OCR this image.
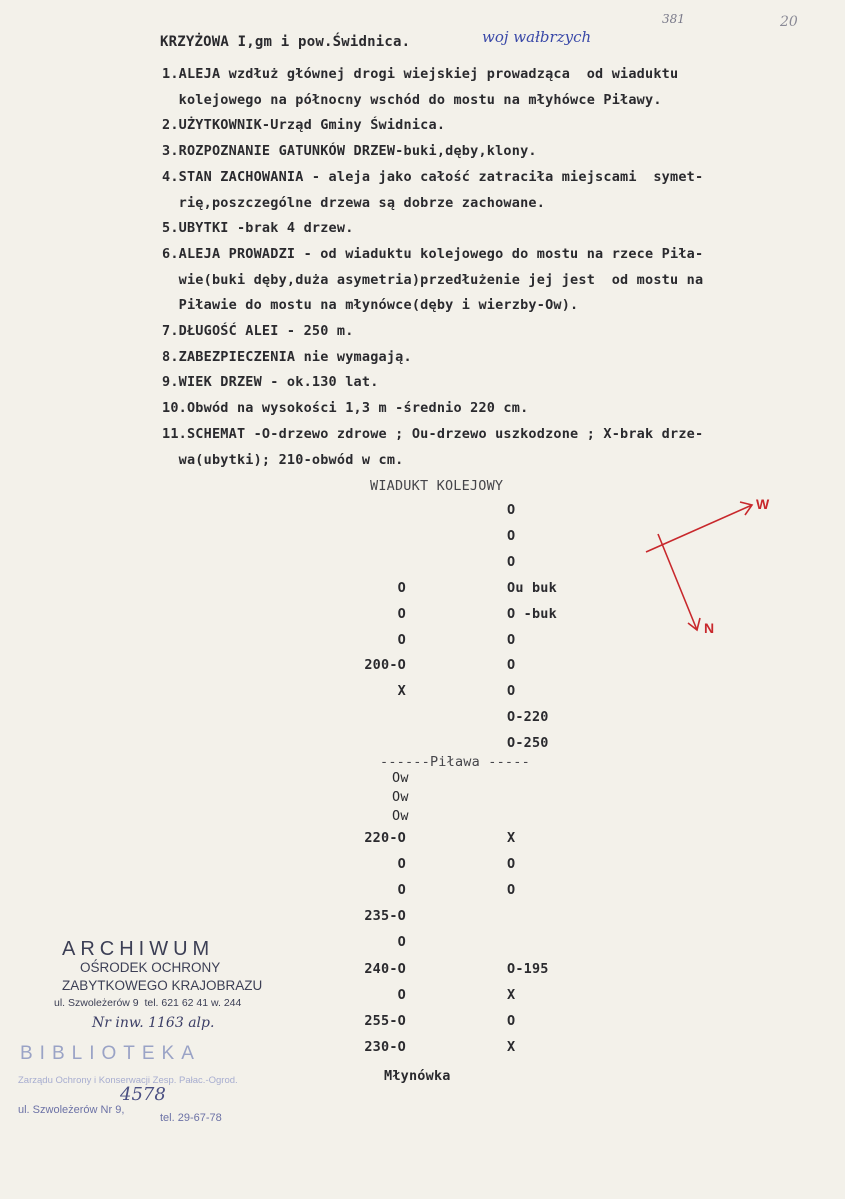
381	20
KRZYŻOWA I,gm i pow.Świdnica.	woj wałbrzych
1.ALEJA wzdłuż głównej drogi wiejskiej prowadząca  od wiaduktu
kolejowego na północny wschód do mostu na młyhówce Piławy.
2.UŻYTKOWNIK-Urząd Gminy Świdnica.
3.ROZPOZNANIE GATUNKÓW DRZEW-buki,dęby,klony.
4.STAN ZACHOWANIA - aleja jako całość zatraciła miejscami  symet-
rię,poszczególne drzewa są dobrze zachowane.
5.UBYTKI -brak 4 drzew.
6.ALEJA PROWADZI - od wiaduktu kolejowego do mostu na rzece Piła-
wie(buki dęby,duża asymetria)przedłużenie jej jest  od mostu na
Piławie do mostu na młynówce(dęby i wierzby-Ow).
7.DŁUGOŚĆ ALEI - 250 m.
8.ZABEZPIECZENIA nie wymagają.
9.WIEK DRZEW - ok.130 lat.
10.Obwód na wysokości 1,3 m -średnio 220 cm.
11.SCHEMAT -O-drzewo zdrowe ; Ou-drzewo uszkodzone ; X-brak drze-
wa(ubytki); 210-obwód w cm.
WIADUKT KOLEJOWY
O
O
O
200-O
X
220-O
O
O
235-O
O
240-O
O
255-O
230-O
O
O
O
Ou buk
O -buk
O
O
O
O-220
O-250
X
O
O
O-195
X
O
X
Ow
Ow
Ow
------Piława -----
Młynówka
W
N
ARCHIWUM
OŚRODEK OCHRONY
ZABYTKOWEGO KRAJOBRAZU
ul. Szwoleżerów 9  tel. 621 62 41 w. 244
Nr inw. 1163 alp.
BIBLIOTEKA
Zarządu Ochrony i Konserwacji Zesp. Pałac.-Ogrod.
ul. Szwoleżerów Nr 9,
tel. 29-67-78
4578
